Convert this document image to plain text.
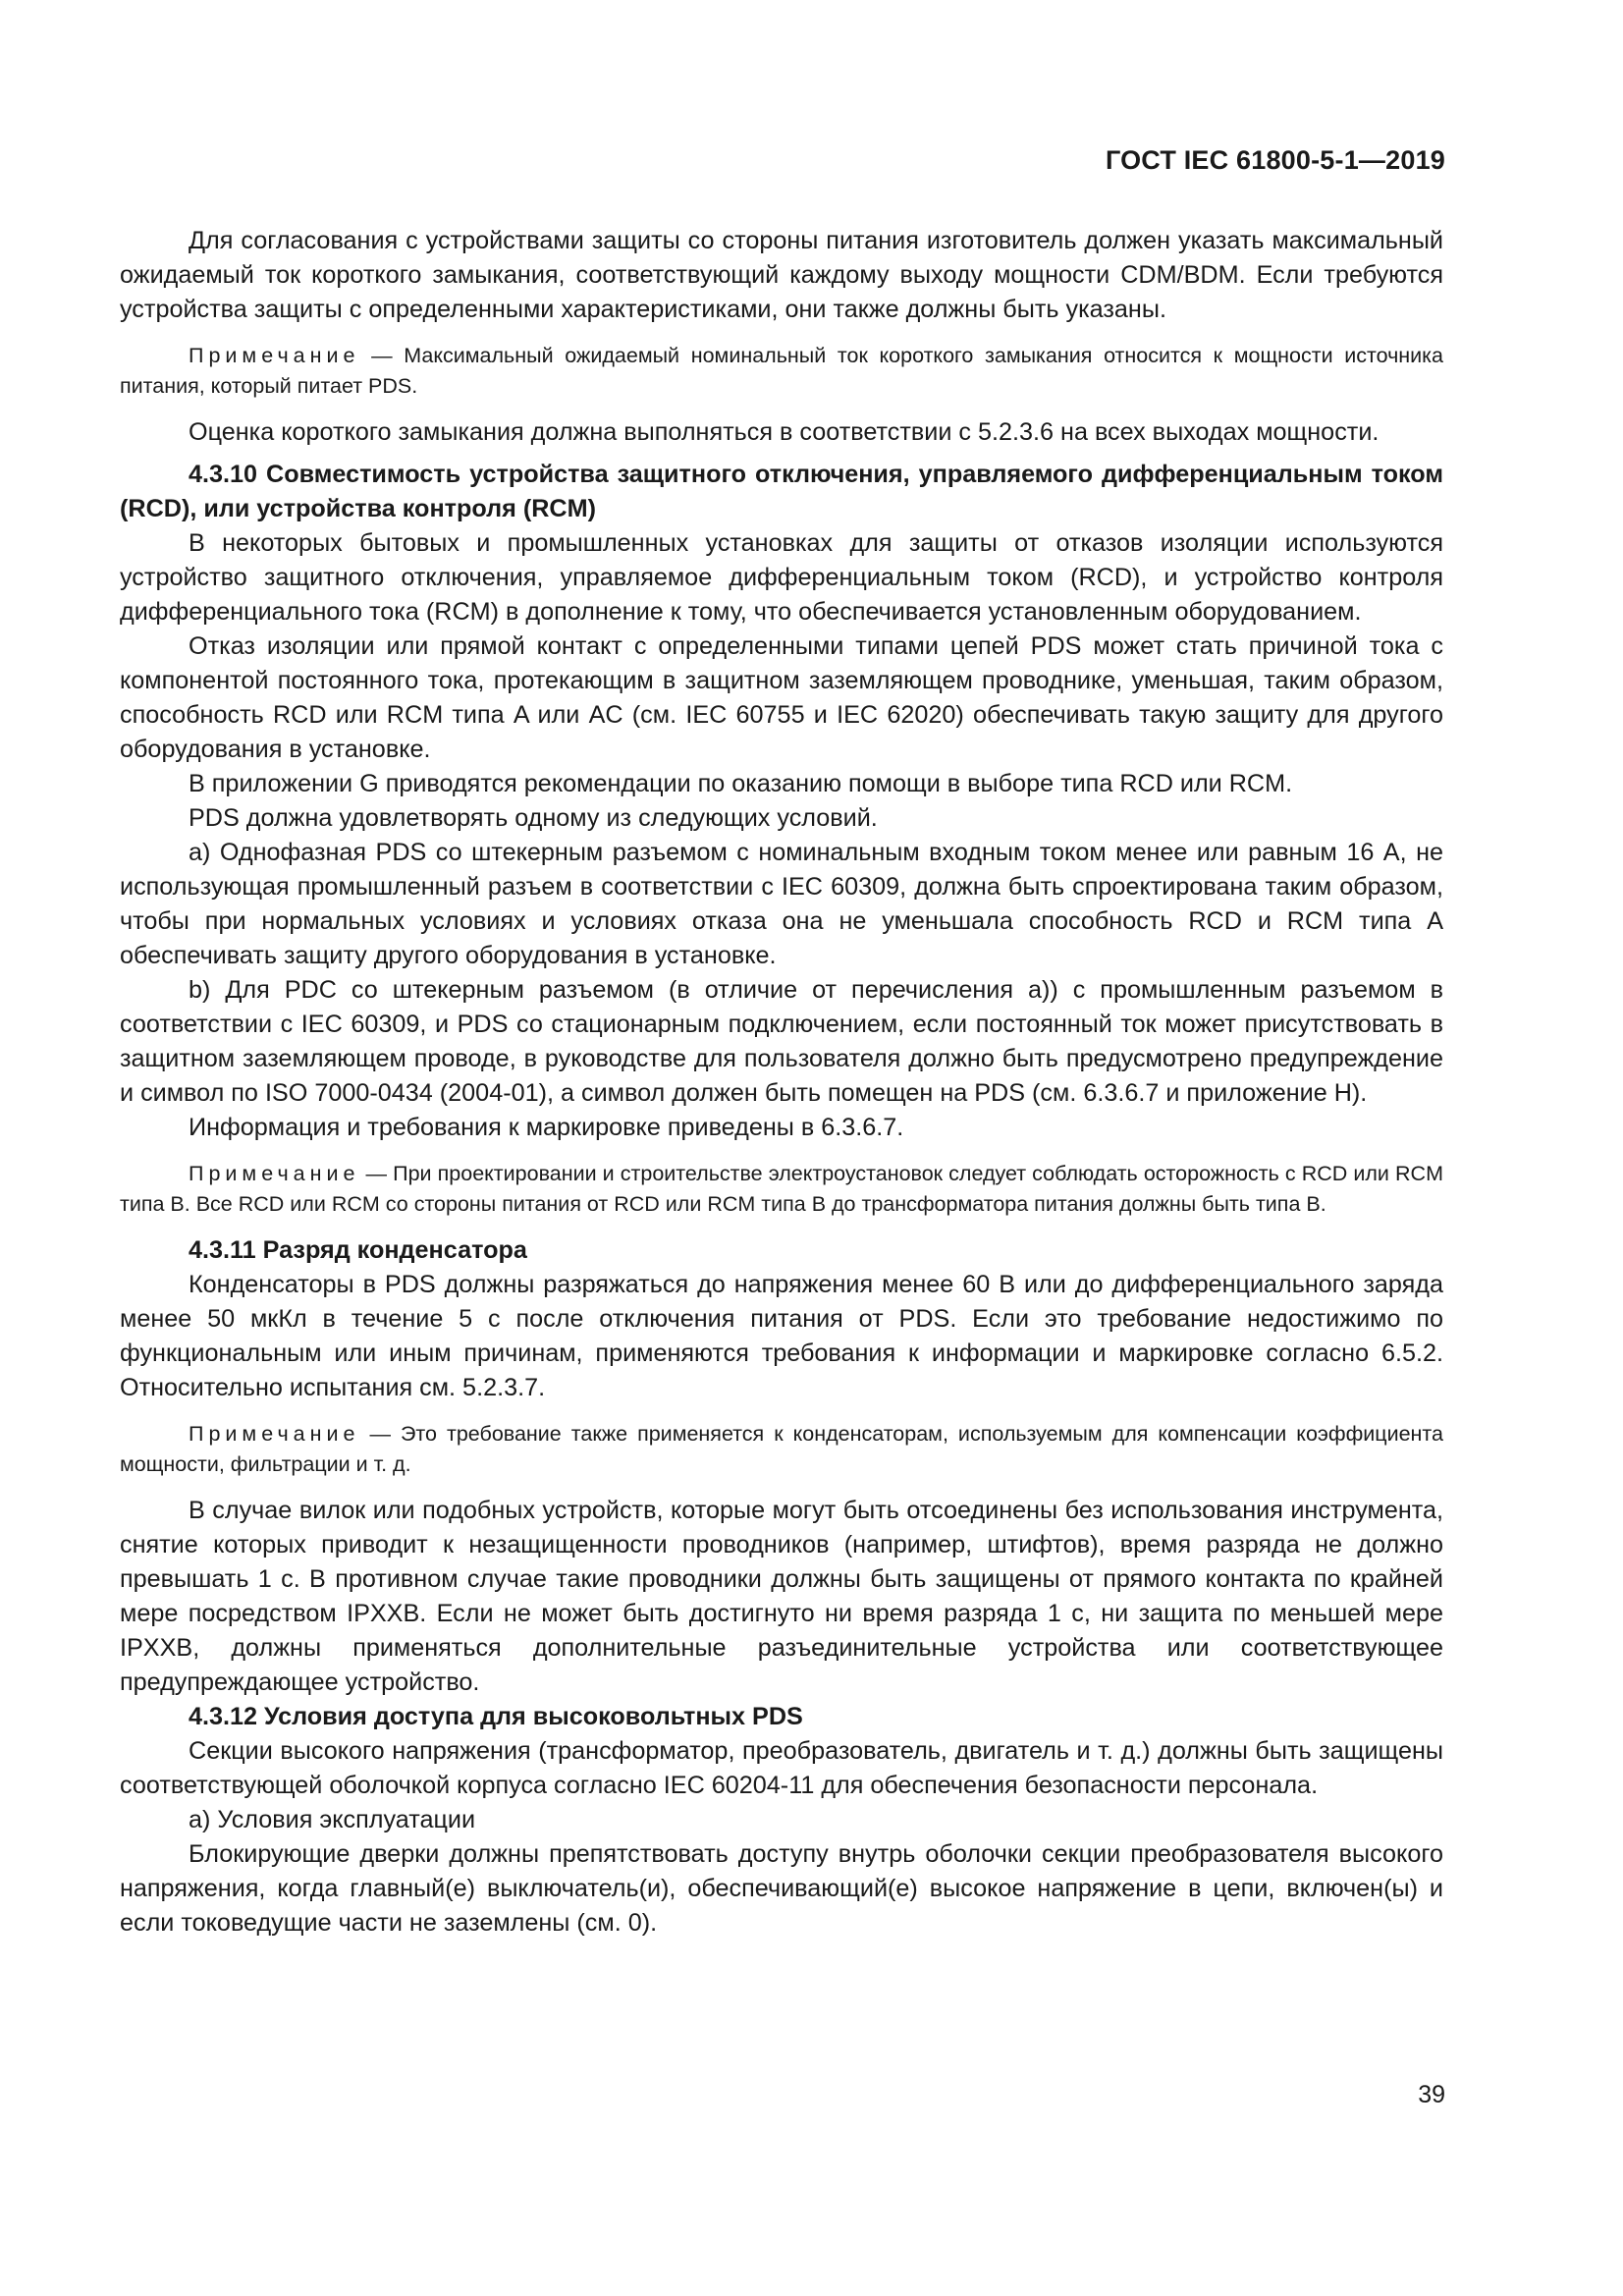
ГОСТ IEC 61800-5-1—2019

Для согласования с устройствами защиты со стороны питания изготовитель должен указать максимальный ожидаемый ток короткого замыкания, соответствующий каждому выходу мощности CDM/BDM. Если требуются устройства защиты с определенными характеристиками, они также должны быть указаны.

Примечание — Максимальный ожидаемый номинальный ток короткого замыкания относится к мощности источника питания, который питает PDS.

Оценка короткого замыкания должна выполняться в соответствии с 5.2.3.6 на всех выходах мощности.

4.3.10 Совместимость устройства защитного отключения, управляемого дифференциальным током (RCD), или устройства контроля (RCM)

В некоторых бытовых и промышленных установках для защиты от отказов изоляции используются устройство защитного отключения, управляемое дифференциальным током (RCD), и устройство контроля дифференциального тока (RCM) в дополнение к тому, что обеспечивается установленным оборудованием.

Отказ изоляции или прямой контакт с определенными типами цепей PDS может стать причиной тока с компонентой постоянного тока, протекающим в защитном заземляющем проводнике, уменьшая, таким образом, способность RCD или RCM типа A или AC (см. IEC 60755 и IEC 62020) обеспечивать такую защиту для другого оборудования в установке.

В приложении G приводятся рекомендации по оказанию помощи в выборе типа RCD или RCM.

PDS должна удовлетворять одному из следующих условий.

a) Однофазная PDS со штекерным разъемом с номинальным входным током менее или равным 16 A, не использующая промышленный разъем в соответствии с IEC 60309, должна быть спроектирована таким образом, чтобы при нормальных условиях и условиях отказа она не уменьшала способность RCD и RCM типа A обеспечивать защиту другого оборудования в установке.

b) Для PDC со штекерным разъемом (в отличие от перечисления a)) с промышленным разъемом в соответствии с IEC 60309, и PDS со стационарным подключением, если постоянный ток может присутствовать в защитном заземляющем проводе, в руководстве для пользователя должно быть предусмотрено предупреждение и символ по ISO 7000-0434 (2004-01), а символ должен быть помещен на PDS (см. 6.3.6.7 и приложение H).

Информация и требования к маркировке приведены в 6.3.6.7.

Примечание — При проектировании и строительстве электроустановок следует соблюдать осторожность с RCD или RCM типа B. Все RCD или RCM со стороны питания от RCD или RCM типа B до трансформатора питания должны быть типа B.

4.3.11 Разряд конденсатора

Конденсаторы в PDS должны разряжаться до напряжения менее 60 В или до дифференциального заряда менее 50 мкКл в течение 5 с после отключения питания от PDS. Если это требование недостижимо по функциональным или иным причинам, применяются требования к информации и маркировке согласно 6.5.2. Относительно испытания см. 5.2.3.7.

Примечание — Это требование также применяется к конденсаторам, используемым для компенсации коэффициента мощности, фильтрации и т. д.

В случае вилок или подобных устройств, которые могут быть отсоединены без использования инструмента, снятие которых приводит к незащищенности проводников (например, штифтов), время разряда не должно превышать 1 с. В противном случае такие проводники должны быть защищены от прямого контакта по крайней мере посредством IPXXB. Если не может быть достигнуто ни время разряда 1 с, ни защита по меньшей мере IPXXB, должны применяться дополнительные разъединительные устройства или соответствующее предупреждающее устройство.

4.3.12 Условия доступа для высоковольтных PDS

Секции высокого напряжения (трансформатор, преобразователь, двигатель и т. д.) должны быть защищены соответствующей оболочкой корпуса согласно IEC 60204-11 для обеспечения безопасности персонала.

a) Условия эксплуатации

Блокирующие дверки должны препятствовать доступу внутрь оболочки секции преобразователя высокого напряжения, когда главный(е) выключатель(и), обеспечивающий(е) высокое напряжение в цепи, включен(ы) и если токоведущие части не заземлены (см. 0).

39
